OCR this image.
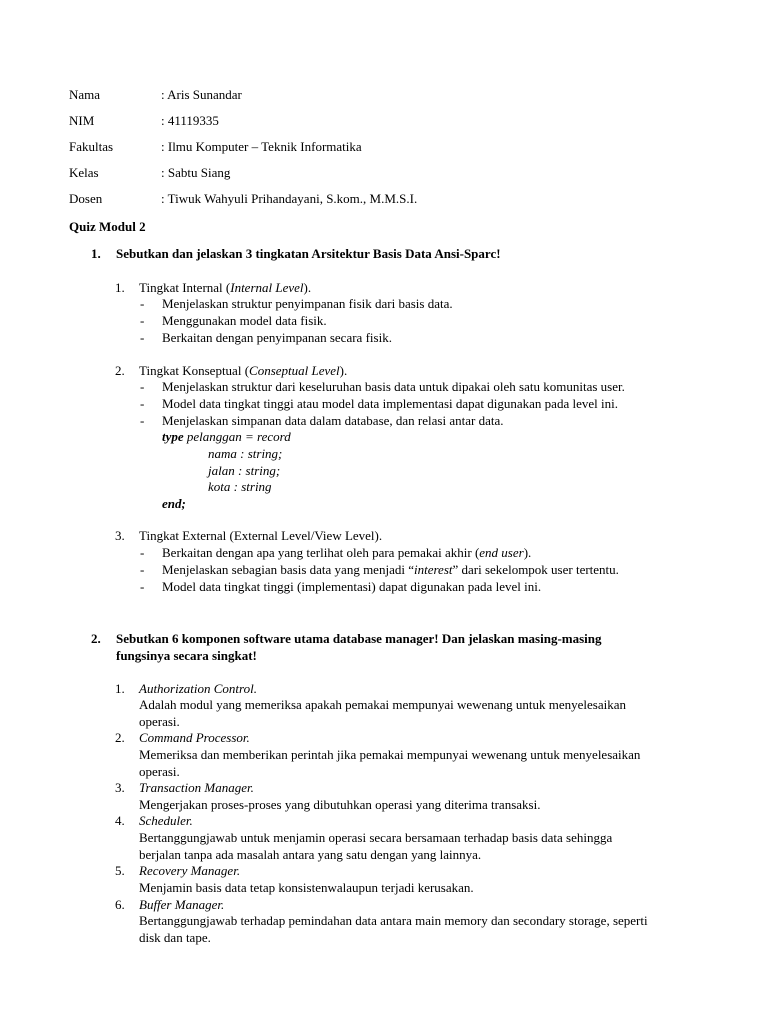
Nama	: Aris Sunandar
NIM	: 41119335
Fakultas	: Ilmu Komputer – Teknik Informatika
Kelas	: Sabtu Siang
Dosen	: Tiwuk Wahyuli Prihandayani, S.kom., M.M.S.I.
Quiz Modul 2
1. Sebutkan dan jelaskan 3 tingkatan Arsitektur Basis Data Ansi-Sparc!
1. Tingkat Internal (Internal Level).
- Menjelaskan struktur penyimpanan fisik dari basis data.
- Menggunakan model data fisik.
- Berkaitan dengan penyimpanan secara fisik.
2. Tingkat Konseptual (Conseptual Level).
- Menjelaskan struktur dari keseluruhan basis data untuk dipakai oleh satu komunitas user.
- Model data tingkat tinggi atau model data implementasi dapat digunakan pada level ini.
- Menjelaskan simpanan data dalam database, dan relasi antar data.
type pelanggan = record
nama : string;
jalan : string;
kota : string
end;
3. Tingkat External (External Level/View Level).
- Berkaitan dengan apa yang terlihat oleh para pemakai akhir (end user).
- Menjelaskan sebagian basis data yang menjadi “interest” dari sekelompok user tertentu.
- Model data tingkat tinggi (implementasi) dapat digunakan pada level ini.
2. Sebutkan 6 komponen software utama database manager! Dan jelaskan masing-masing
fungsinya secara singkat!
1. Authorization Control.
Adalah modul yang memeriksa apakah pemakai mempunyai wewenang untuk menyelesaikan
operasi.
2. Command Processor.
Memeriksa dan memberikan perintah jika pemakai mempunyai wewenang untuk menyelesaikan
operasi.
3. Transaction Manager.
Mengerjakan proses-proses yang dibutuhkan operasi yang diterima transaksi.
4. Scheduler.
Bertanggungjawab untuk menjamin operasi secara bersamaan terhadap basis data sehingga
berjalan tanpa ada masalah antara yang satu dengan yang lainnya.
5. Recovery Manager.
Menjamin basis data tetap konsistenwalaupun terjadi kerusakan.
6. Buffer Manager.
Bertanggungjawab terhadap pemindahan data antara main memory dan secondary storage, seperti
disk dan tape.
